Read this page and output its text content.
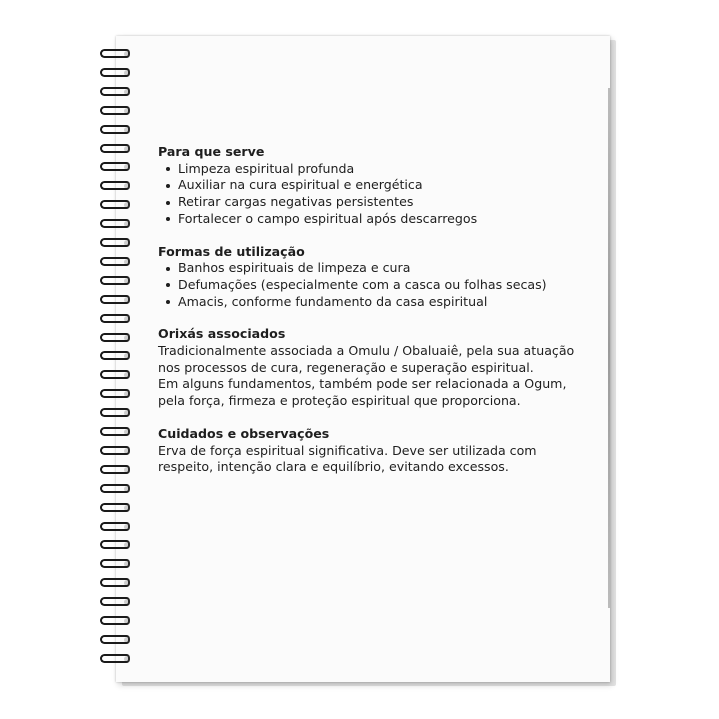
Para que serve
Limpeza espiritual profunda
Auxiliar na cura espiritual e energética
Retirar cargas negativas persistentes
Fortalecer o campo espiritual após descarregos
Formas de utilização
Banhos espirituais de limpeza e cura
Defumações (especialmente com a casca ou folhas secas)
Amacis, conforme fundamento da casa espiritual
Orixás associados

Tradicionalmente associada a Omulu / Obaluaiê, pela sua atuação nos processos de cura, regeneração e superação espiritual.

Em alguns fundamentos, também pode ser relacionada a Ogum, pela força, firmeza e proteção espiritual que proporciona.

Cuidados e observações

Erva de força espiritual significativa. Deve ser utilizada com respeito, intenção clara e equilíbrio, evitando excessos.
